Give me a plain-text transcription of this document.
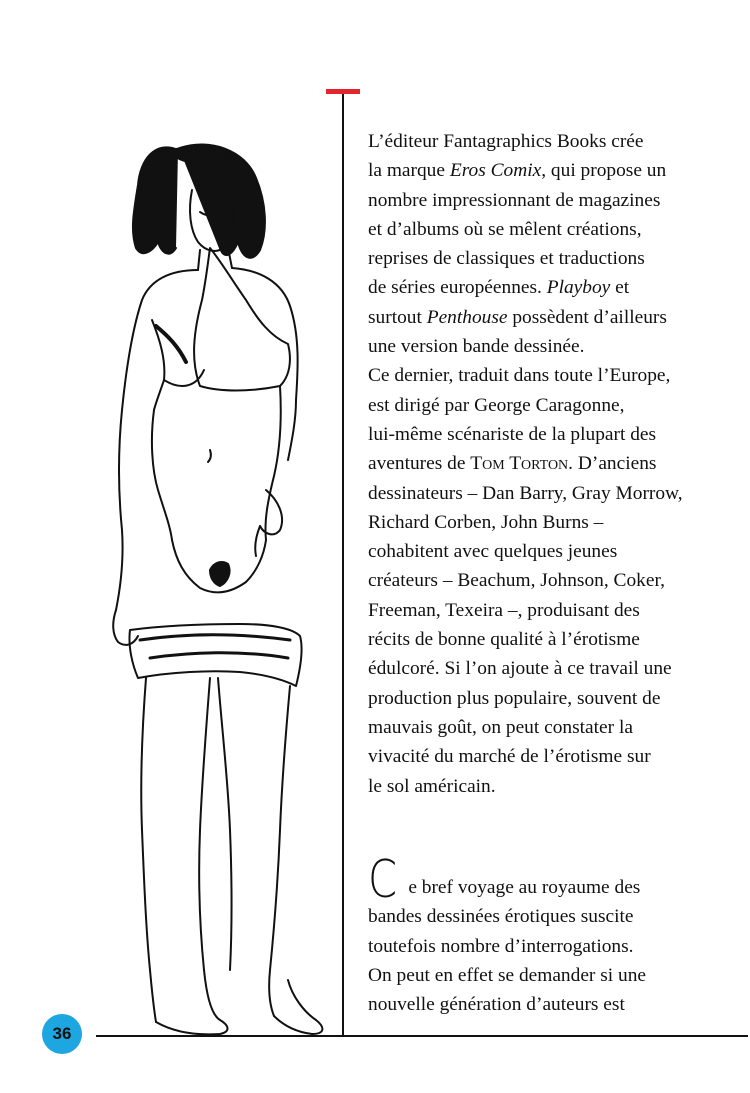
36
L’éditeur Fantagraphics Books crée
la marque Eros Comix, qui propose un
nombre impressionnant de magazines
et d’albums où se mêlent créations,
reprises de classiques et traductions
de séries européennes. Playboy et
surtout Penthouse possèdent d’ailleurs
une version bande dessinée.
Ce dernier, traduit dans toute l’Europe,
est dirigé par George Caragonne,
lui-même scénariste de la plupart des
aventures de Tom Torton. D’anciens
dessinateurs – Dan Barry, Gray Morrow,
Richard Corben, John Burns –
cohabitent avec quelques jeunes
créateurs – Beachum, Johnson, Coker,
Freeman, Texeira –, produisant des
récits de bonne qualité à l’érotisme
édulcoré. Si l’on ajoute à ce travail une
production plus populaire, souvent de
mauvais goût, on peut constater la
vivacité du marché de l’érotisme sur
le sol américain.
Ce bref voyage au royaume des
bandes dessinées érotiques suscite
toutefois nombre d’interrogations.
On peut en effet se demander si une
nouvelle génération d’auteurs est
